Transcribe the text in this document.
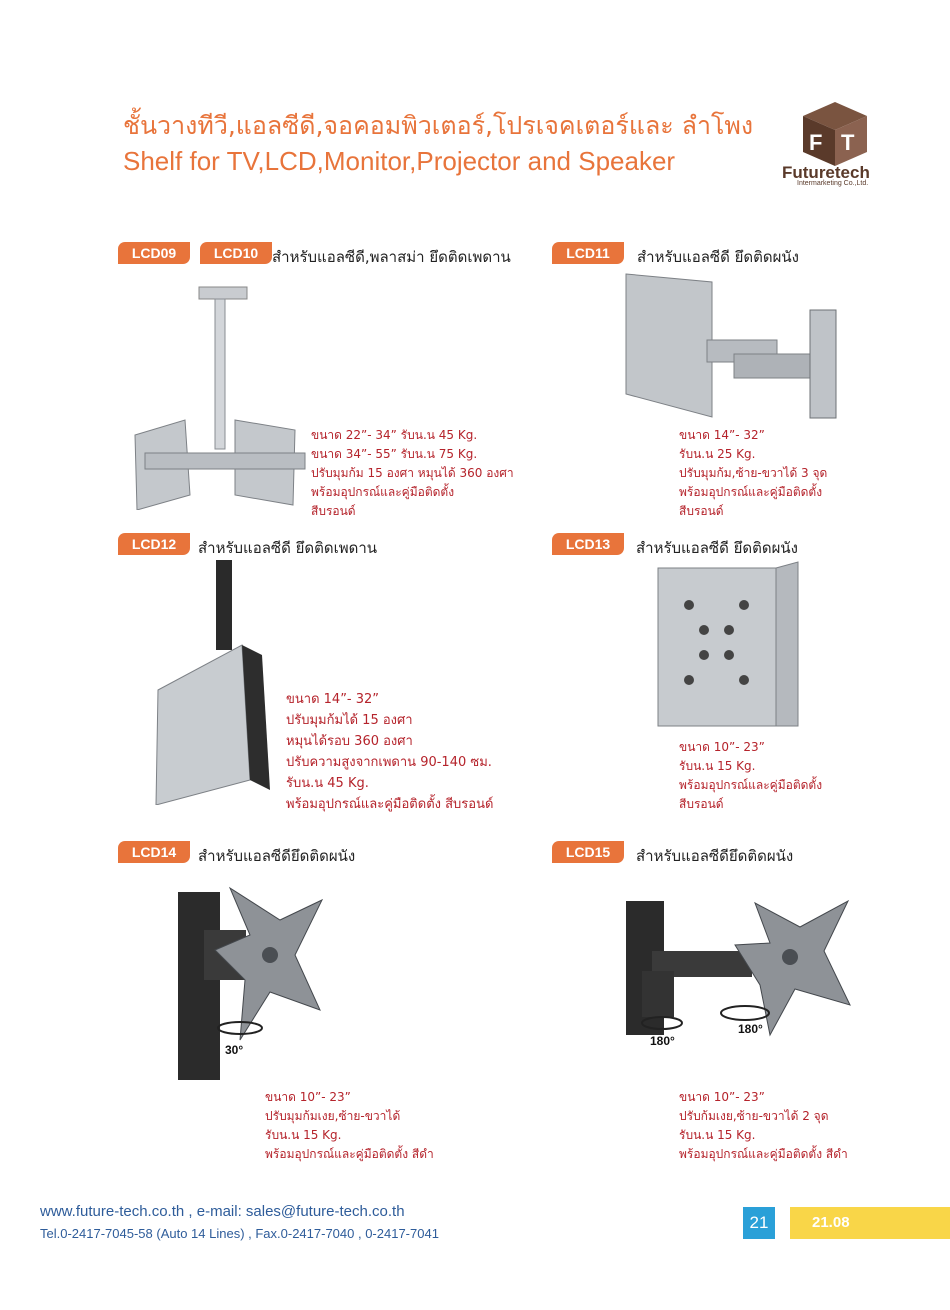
ชั้นวางทีวี,แอลซีดี,จอคอมพิวเตอร์,โปรเจคเตอร์และ ลำโพง
Shelf for TV,LCD,Monitor,Projector and Speaker
F T
Futuretech
Intermarketing Co.,Ltd.
LCD09	LCD10 สำหรับแอลซีดี,พลาสม่า ยึดติดเพดาน
ขนาด 22”- 34” รับน.น 45 Kg.
ขนาด 34”- 55” รับน.น 75 Kg.
ปรับมุมก้ม 15 องศา หมุนได้ 360 องศา
พร้อมอุปกรณ์และคู่มือติดตั้ง
สีบรอนด์
LCD11	สำหรับแอลซีดี ยึดติดผนัง
ขนาด 14”- 32”
รับน.น 25 Kg.
ปรับมุมก้ม,ซ้าย-ขวาได้ 3 จุด
พร้อมอุปกรณ์และคู่มือติดตั้ง
สีบรอนด์
LCD12	สำหรับแอลซีดี ยึดติดเพดาน
ขนาด 14”- 32”
ปรับมุมก้มได้ 15 องศา
หมุนได้รอบ 360 องศา
ปรับความสูงจากเพดาน 90-140 ซม.
รับน.น 45 Kg.
พร้อมอุปกรณ์และคู่มือติดตั้ง สีบรอนด์
LCD13	สำหรับแอลซีดี ยึดติดผนัง
ขนาด 10”- 23”
รับน.น 15 Kg.
พร้อมอุปกรณ์และคู่มือติดตั้ง
สีบรอนด์
LCD14	สำหรับแอลซีดียึดติดผนัง
30°
ขนาด 10”- 23”
ปรับมุมก้มเงย,ซ้าย-ขวาได้
รับน.น 15 Kg.
พร้อมอุปกรณ์และคู่มือติดตั้ง สีดำ
LCD15	สำหรับแอลซีดียึดติดผนัง
180°
180°
ขนาด 10”- 23”
ปรับก้มเงย,ซ้าย-ขวาได้ 2 จุด
รับน.น 15 Kg.
พร้อมอุปกรณ์และคู่มือติดตั้ง สีดำ
www.future-tech.co.th , e-mail: sales@future-tech.co.th
Tel.0-2417-7045-58 (Auto 14 Lines) , Fax.0-2417-7040 , 0-2417-7041
21	21.08
